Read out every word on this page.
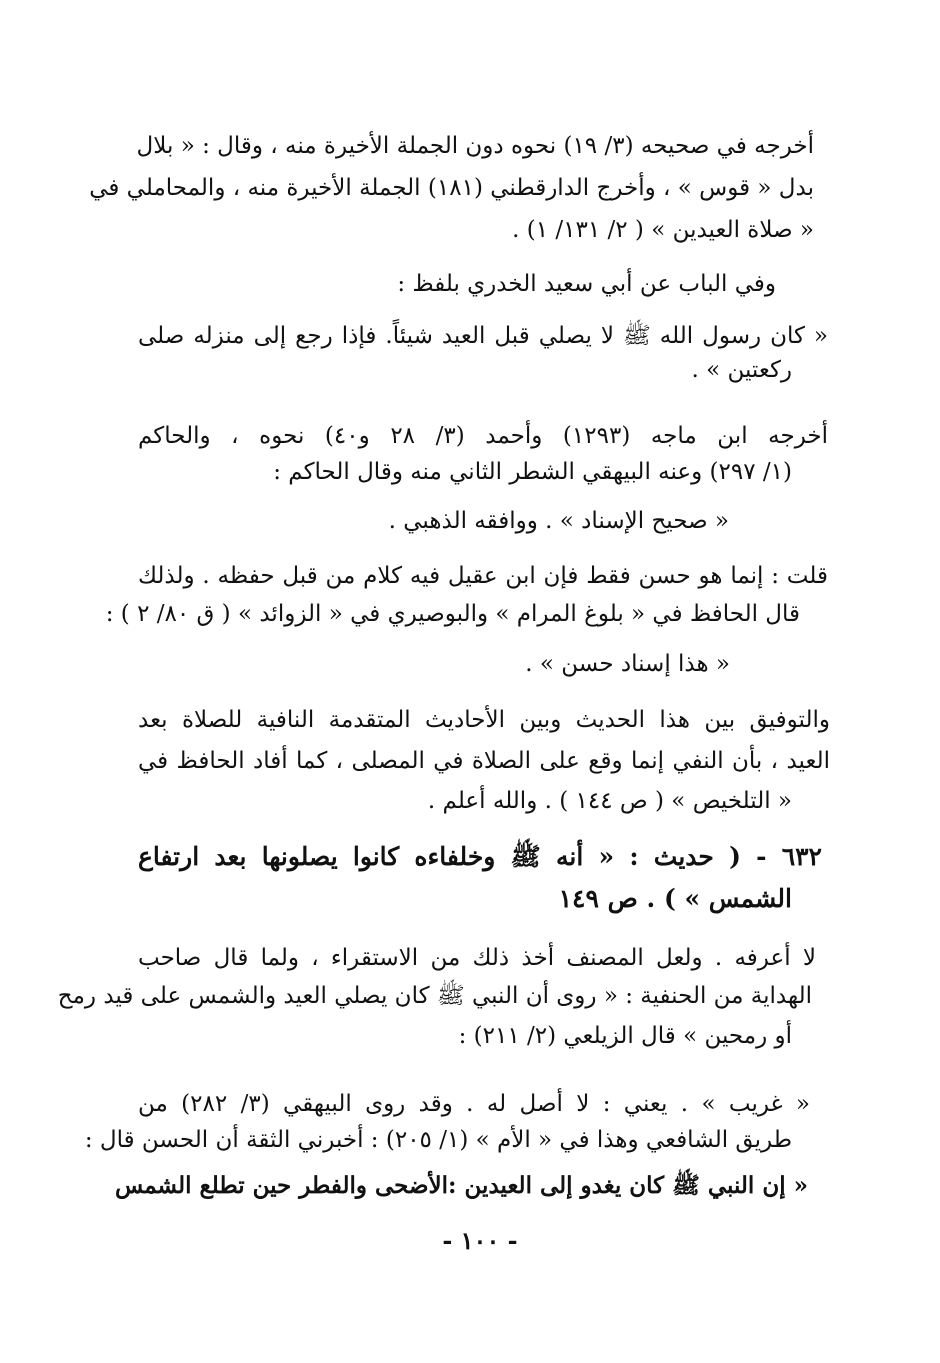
أخرجه في صحيحه (٣/ ١٩) نحوه دون الجملة الأخيرة منه ، وقال : « بلال
بدل « قوس » ، وأخرج الدارقطني (١٨١) الجملة الأخيرة منه ، والمحاملي في
« صلاة العيدين » ( ٢/ ١٣١/ ١) .
وفي الباب عن أبي سعيد الخدري بلفظ :
« كان رسول الله ﷺ لا يصلي قبل العيد شيئاً. فإذا رجع إلى منزله صلى
ركعتين » .
أخرجه ابن ماجه (١٢٩٣) وأحمد (٣/ ٢٨ و٤٠) نحوه ، والحاكم
(١/ ٢٩٧) وعنه البيهقي الشطر الثاني منه وقال الحاكم :
« صحيح الإسناد » . ووافقه الذهبي .
قلت : إنما هو حسن فقط فإن ابن عقيل فيه كلام من قبل حفظه . ولذلك
قال الحافظ في « بلوغ المرام » والبوصيري في « الزوائد » ( ق ٨٠/ ٢ ) :
« هذا إسناد حسن » .
والتوفيق بين هذا الحديث وبين الأحاديث المتقدمة النافية للصلاة بعد
العيد ، بأن النفي إنما وقع على الصلاة في المصلى ، كما أفاد الحافظ في
« التلخيص » ( ص ١٤٤ ) . والله أعلم .
٦٣٢ - ( حديث : « أنه ﷺ وخلفاءه كانوا يصلونها بعد ارتفاع
الشمس » ) . ص ١٤٩
لا أعرفه . ولعل المصنف أخذ ذلك من الاستقراء ، ولما قال صاحب
الهداية من الحنفية : « روى أن النبي ﷺ كان يصلي العيد والشمس على قيد رمح
أو رمحين » قال الزيلعي (٢/ ٢١١) :
« غريب » . يعني : لا أصل له . وقد روى البيهقي (٣/ ٢٨٢) من
طريق الشافعي وهذا في « الأم » (١/ ٢٠٥) : أخبرني الثقة أن الحسن قال :
« إن النبي ﷺ كان يغدو إلى العيدين :الأضحى والفطر حين تطلع الشمس
- ١٠٠ -
